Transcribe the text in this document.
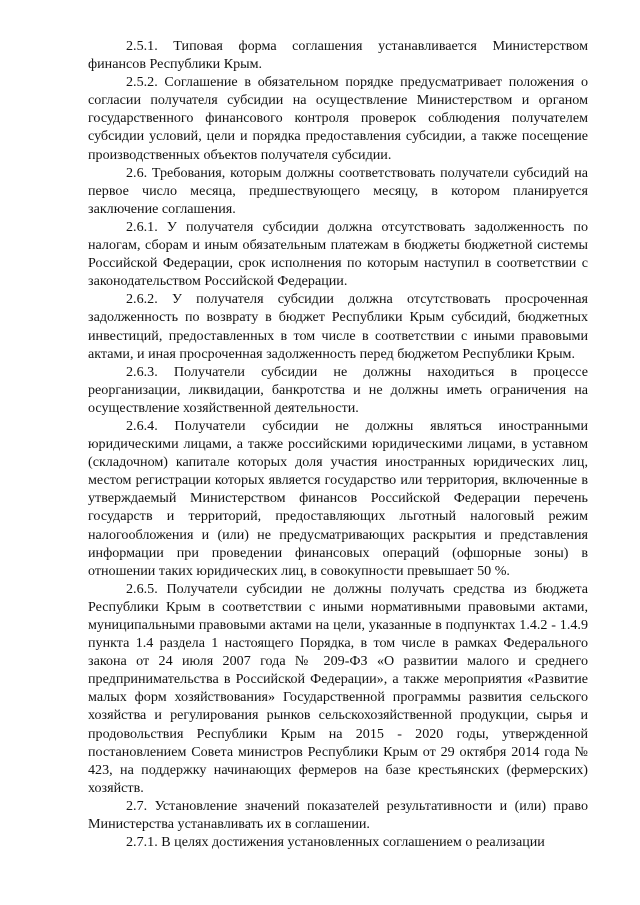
2.5.1. Типовая форма соглашения устанавливается Министерством финансов Республики Крым.

2.5.2. Соглашение в обязательном порядке предусматривает положения о согласии получателя субсидии на осуществление Министерством и органом государственного финансового контроля проверок соблюдения получателем субсидии условий, цели и порядка предоставления субсидии, а также посещение производственных объектов получателя субсидии.

2.6. Требования, которым должны соответствовать получатели субсидий на первое число месяца, предшествующего месяцу, в котором планируется заключение соглашения.

2.6.1. У получателя субсидии должна отсутствовать задолженность по налогам, сборам и иным обязательным платежам в бюджеты бюджетной системы Российской Федерации, срок исполнения по которым наступил в соответствии с законодательством Российской Федерации.

2.6.2. У получателя субсидии должна отсутствовать просроченная задолженность по возврату в бюджет Республики Крым субсидий, бюджетных инвестиций, предоставленных в том числе в соответствии с иными правовыми актами, и иная просроченная задолженность перед бюджетом Республики Крым.

2.6.3. Получатели субсидии не должны находиться в процессе реорганизации, ликвидации, банкротства и не должны иметь ограничения на осуществление хозяйственной деятельности.

2.6.4. Получатели субсидии не должны являться иностранными юридическими лицами, а также российскими юридическими лицами, в уставном (складочном) капитале которых доля участия иностранных юридических лиц, местом регистрации которых является государство или территория, включенные в утверждаемый Министерством финансов Российской Федерации перечень государств и территорий, предоставляющих льготный налоговый режим налогообложения и (или) не предусматривающих раскрытия и представления информации при проведении финансовых операций (офшорные зоны) в отношении таких юридических лиц, в совокупности превышает 50 %.

2.6.5. Получатели субсидии не должны получать средства из бюджета Республики Крым в соответствии с иными нормативными правовыми актами, муниципальными правовыми актами на цели, указанные в подпунктах 1.4.2 - 1.4.9 пункта 1.4 раздела 1 настоящего Порядка, в том числе в рамках Федерального закона от 24 июля 2007 года № 209-ФЗ «О развитии малого и среднего предпринимательства в Российской Федерации», а также мероприятия «Развитие малых форм хозяйствования» Государственной программы развития сельского хозяйства и регулирования рынков сельскохозяйственной продукции, сырья и продовольствия Республики Крым на 2015 - 2020 годы, утвержденной постановлением Совета министров Республики Крым от 29 октября 2014 года № 423, на поддержку начинающих фермеров на базе крестьянских (фермерских) хозяйств.

2.7. Установление значений показателей результативности и (или) право Министерства устанавливать их в соглашении.

2.7.1. В целях достижения установленных соглашением о реализации
